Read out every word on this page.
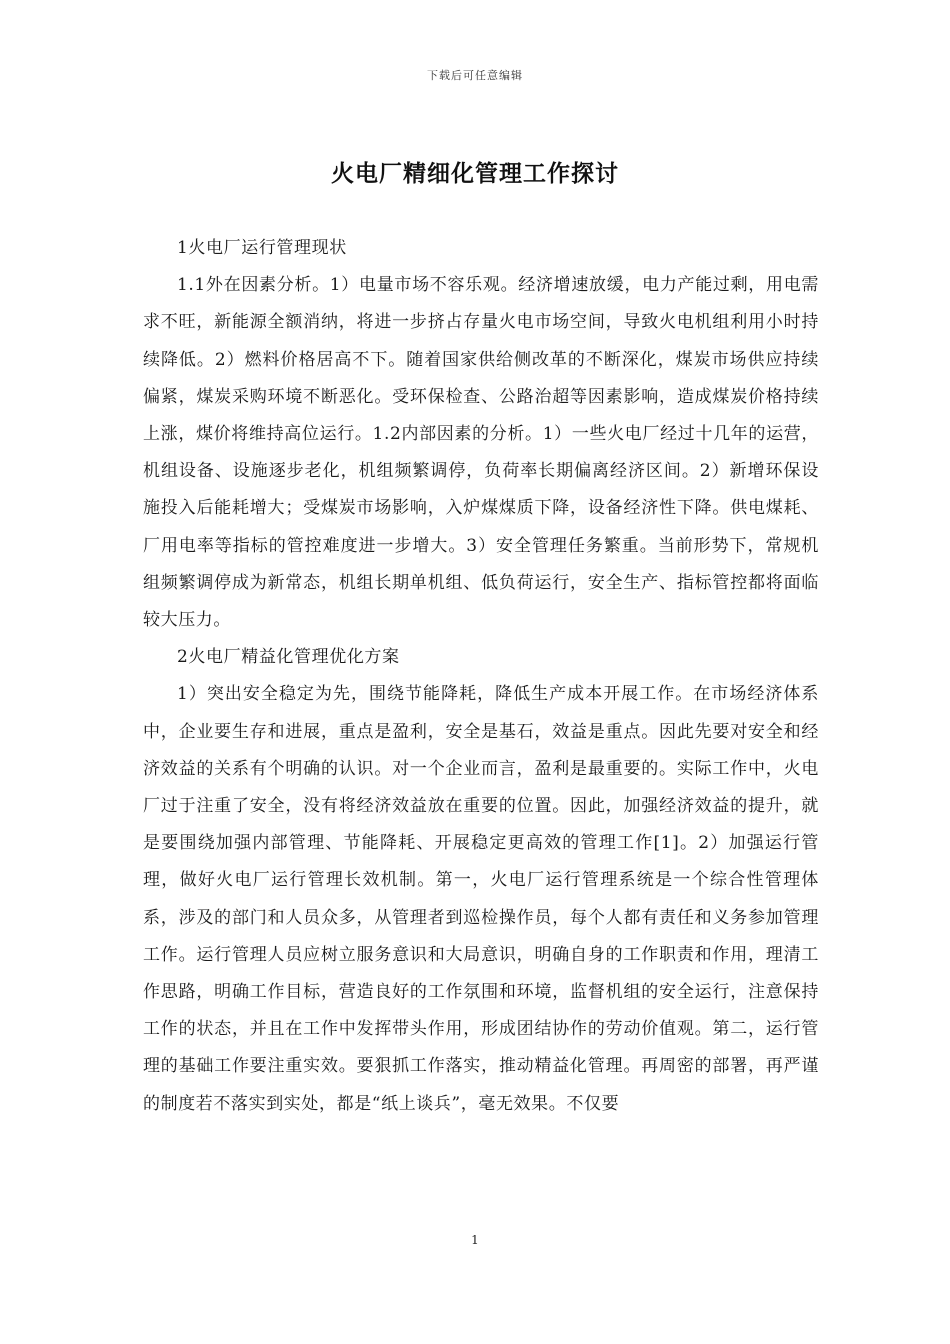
下载后可任意编辑
火电厂精细化管理工作探讨

1火电厂运行管理现状

1.1外在因素分析。1）电量市场不容乐观。经济增速放缓，电力产能过剩，用电需求不旺，新能源全额消纳，将进一步挤占存量火电市场空间，导致火电机组利用小时持续降低。2）燃料价格居高不下。随着国家供给侧改革的不断深化，煤炭市场供应持续偏紧，煤炭采购环境不断恶化。受环保检查、公路治超等因素影响，造成煤炭价格持续上涨，煤价将维持高位运行。1.2内部因素的分析。1）一些火电厂经过十几年的运营，机组设备、设施逐步老化，机组频繁调停，负荷率长期偏离经济区间。2）新增环保设施投入后能耗增大；受煤炭市场影响，入炉煤煤质下降，设备经济性下降。供电煤耗、厂用电率等指标的管控难度进一步增大。3）安全管理任务繁重。当前形势下，常规机组频繁调停成为新常态，机组长期单机组、低负荷运行，安全生产、指标管控都将面临较大压力。

2火电厂精益化管理优化方案

1）突出安全稳定为先，围绕节能降耗，降低生产成本开展工作。在市场经济体系中，企业要生存和进展，重点是盈利，安全是基石，效益是重点。因此先要对安全和经济效益的关系有个明确的认识。对一个企业而言，盈利是最重要的。实际工作中，火电厂过于注重了安全，没有将经济效益放在重要的位置。因此，加强经济效益的提升，就是要围绕加强内部管理、节能降耗、开展稳定更高效的管理工作[1]。2）加强运行管理，做好火电厂运行管理长效机制。第一，火电厂运行管理系统是一个综合性管理体系，涉及的部门和人员众多，从管理者到巡检操作员，每个人都有责任和义务参加管理工作。运行管理人员应树立服务意识和大局意识，明确自身的工作职责和作用，理清工作思路，明确工作目标，营造良好的工作氛围和环境，监督机组的安全运行，注意保持工作的状态，并且在工作中发挥带头作用，形成团结协作的劳动价值观。第二，运行管理的基础工作要注重实效。要狠抓工作落实，推动精益化管理。再周密的部署，再严谨的制度若不落实到实处，都是“纸上谈兵”，毫无效果。不仅要

1
